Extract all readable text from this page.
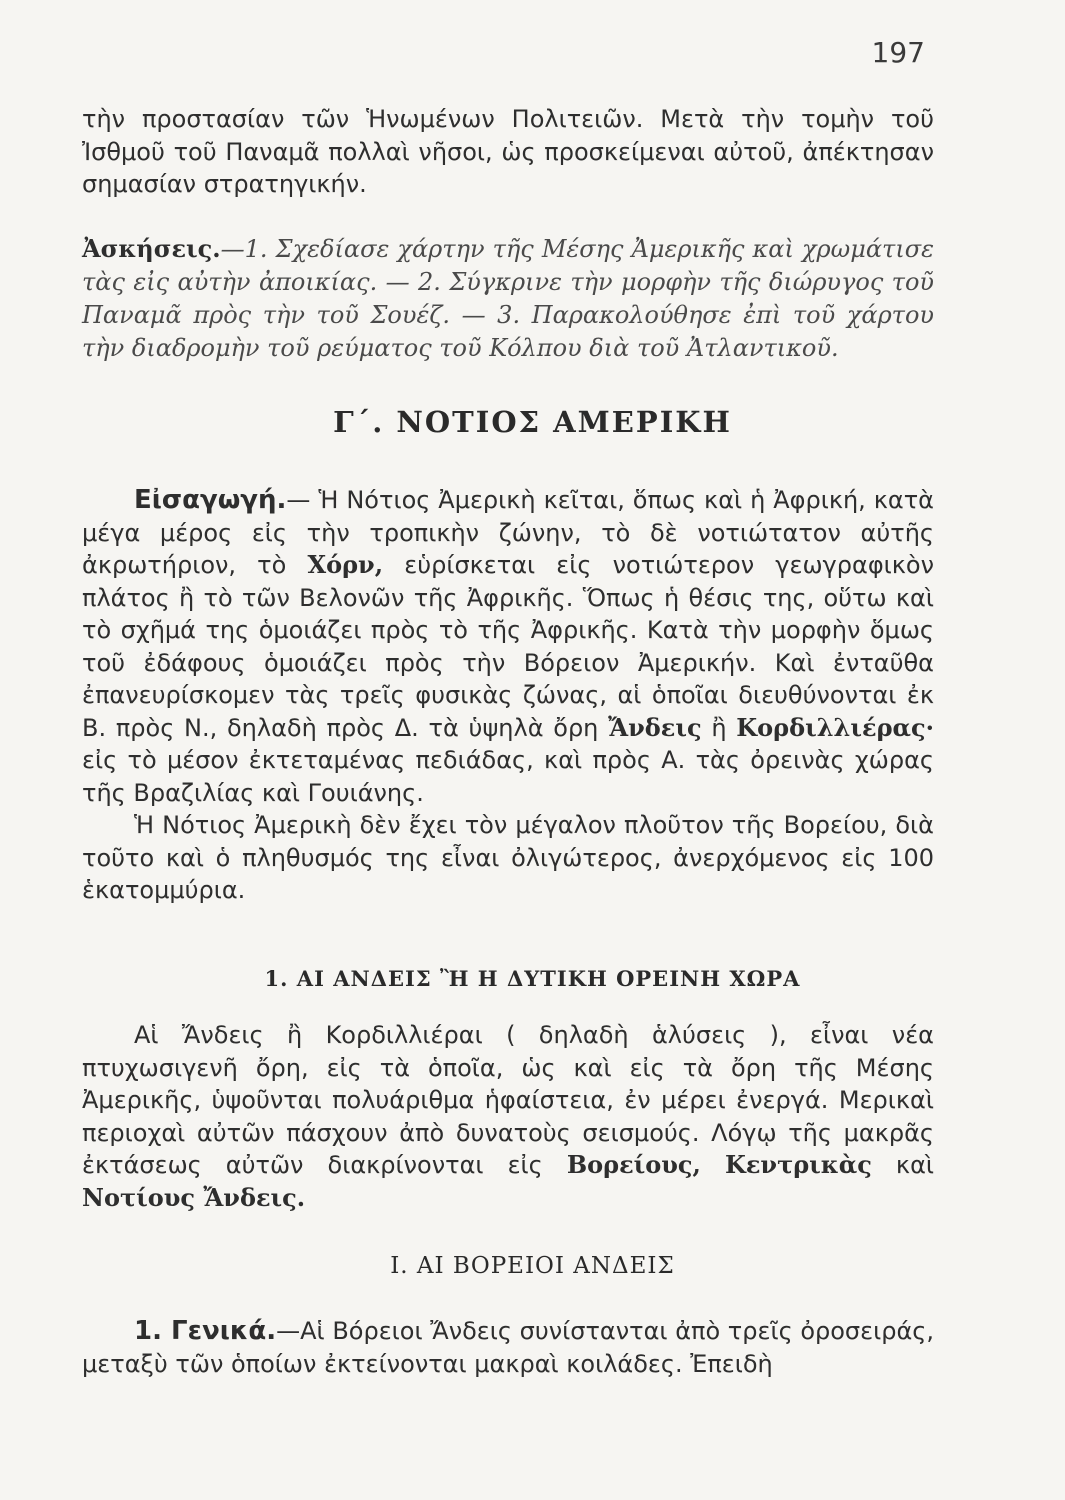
197

τὴν προστασίαν τῶν Ἡνωμένων Πολιτειῶν. Μετὰ τὴν τομὴν τοῦ Ἰσθμοῦ τοῦ Παναμᾶ πολλαὶ νῆσοι, ὡς προσκείμεναι αὐτοῦ, ἀπέκτησαν σημασίαν στρατηγικήν.

Ἀσκήσεις.—1. Σχεδίασε χάρτην τῆς Μέσης Ἀμερικῆς καὶ χρωμάτισε τὰς εἰς αὐτὴν ἀποικίας. — 2. Σύγκρινε τὴν μορφὴν τῆς διώρυγος τοῦ Παναμᾶ πρὸς τὴν τοῦ Σουέζ. — 3. Παρακολούθησε ἐπὶ τοῦ χάρτου τὴν διαδρομὴν τοῦ ρεύματος τοῦ Κόλπου διὰ τοῦ Ἀτλαντικοῦ.

Γ΄. ΝΟΤΙΟΣ ΑΜΕΡΙΚΗ

Εἰσαγωγή.— Ἡ Νότιος Ἀμερικὴ κεῖται, ὅπως καὶ ἡ Ἀφρική, κατὰ μέγα μέρος εἰς τὴν τροπικὴν ζώνην, τὸ δὲ νοτιώτατον αὐτῆς ἀκρωτήριον, τὸ Χόρν, εὑρίσκεται εἰς νοτιώτερον γεωγραφικὸν πλάτος ἢ τὸ τῶν Βελονῶν τῆς Ἀφρικῆς. Ὅπως ἡ θέσις της, οὕτω καὶ τὸ σχῆμά της ὁμοιάζει πρὸς τὸ τῆς Ἀφρικῆς. Κατὰ τὴν μορφὴν ὅμως τοῦ ἐδάφους ὁμοιάζει πρὸς τὴν Βόρειον Ἀμερικήν. Καὶ ἐνταῦθα ἐπανευρίσκομεν τὰς τρεῖς φυσικὰς ζώνας, αἱ ὁποῖαι διευθύνονται ἐκ Β. πρὸς Ν., δηλαδὴ πρὸς Δ. τὰ ὑψηλὰ ὄρη Ἄνδεις ἢ Κορδιλλιέρας· εἰς τὸ μέσον ἐκτεταμένας πεδιάδας, καὶ πρὸς Α. τὰς ὀρεινὰς χώρας τῆς Βραζιλίας καὶ Γουιάνης.

Ἡ Νότιος Ἀμερικὴ δὲν ἔχει τὸν μέγαλον πλοῦτον τῆς Βορείου, διὰ τοῦτο καὶ ὁ πληθυσμός της εἶναι ὀλιγώτερος, ἀνερχόμενος εἰς 100 ἑκατομμύρια.

1. ΑΙ ΑΝΔΕΙΣ Ἢ Η ΔΥΤΙΚΗ ΟΡΕΙΝΗ ΧΩΡΑ

Αἱ Ἄνδεις ἢ Κορδιλλιέραι ( δηλαδὴ ἁλύσεις ), εἶναι νέα πτυχωσιγενῆ ὄρη, εἰς τὰ ὁποῖα, ὡς καὶ εἰς τὰ ὄρη τῆς Μέσης Ἀμερικῆς, ὑψοῦνται πολυάριθμα ἡφαίστεια, ἐν μέρει ἐνεργά. Μερικαὶ περιοχαὶ αὐτῶν πάσχουν ἀπὸ δυνατοὺς σεισμούς. Λόγῳ τῆς μακρᾶς ἐκτάσεως αὐτῶν διακρίνονται εἰς Βορείους, Κεντρικὰς καὶ Νοτίους Ἄνδεις.

I. ΑΙ ΒΟΡΕΙΟΙ ΑΝΔΕΙΣ

1. Γενικά.—Αἱ Βόρειοι Ἄνδεις συνίστανται ἀπὸ τρεῖς ὀροσειράς, μεταξὺ τῶν ὁποίων ἐκτείνονται μακραὶ κοιλάδες. Ἐπειδὴ
